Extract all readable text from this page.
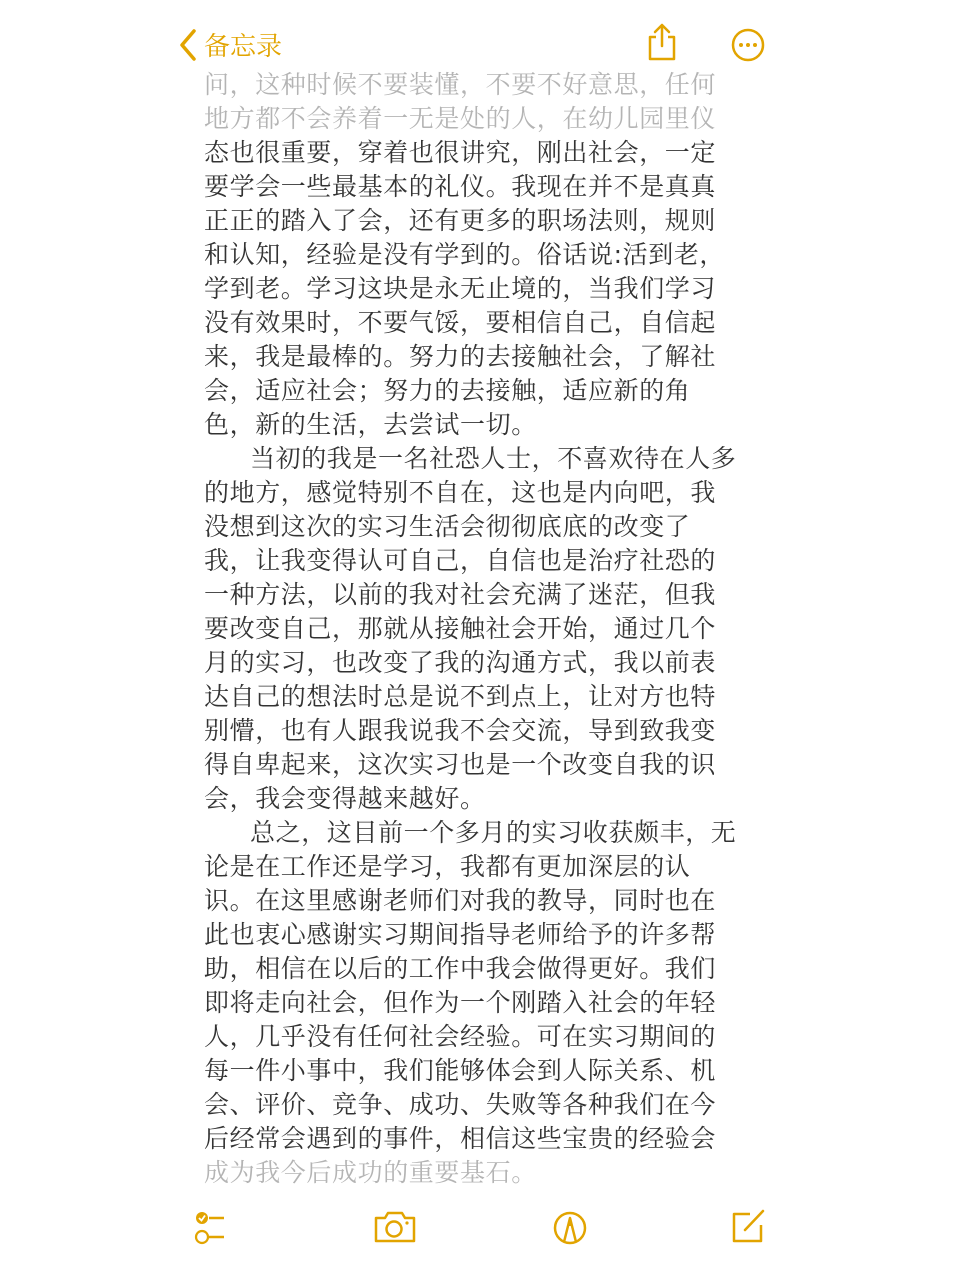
问，这种时候不要装懂，不要不好意思，任何
地方都不会养着一无是处的人，在幼儿园里仪
态也很重要，穿着也很讲究，刚出社会，一定
要学会一些最基本的礼仪。我现在并不是真真
正正的踏入了会，还有更多的职场法则，规则
和认知，经验是没有学到的。俗话说:活到老，
学到老。学习这块是永无止境的，当我们学习
没有效果时，不要气馁，要相信自己，自信起
来，我是最棒的。努力的去接触社会，了解社
会，适应社会；努力的去接触，适应新的角
色，新的生活，去尝试一切。
当初的我是一名社恐人士，不喜欢待在人多
的地方，感觉特别不自在，这也是内向吧，我
没想到这次的实习生活会彻彻底底的改变了
我，让我变得认可自己，自信也是治疗社恐的
一种方法，以前的我对社会充满了迷茫，但我
要改变自己，那就从接触社会开始，通过几个
月的实习，也改变了我的沟通方式，我以前表
达自己的想法时总是说不到点上，让对方也特
别懵，也有人跟我说我不会交流，导到致我变
得自卑起来，这次实习也是一个改变自我的识
会，我会变得越来越好。
总之，这目前一个多月的实习收获颇丰，无
论是在工作还是学习，我都有更加深层的认
识。在这里感谢老师们对我的教导，同时也在
此也衷心感谢实习期间指导老师给予的许多帮
助，相信在以后的工作中我会做得更好。我们
即将走向社会，但作为一个刚踏入社会的年轻
人，几乎没有任何社会经验。可在实习期间的
每一件小事中，我们能够体会到人际关系、机
会、评价、竞争、成功、失败等各种我们在今
后经常会遇到的事件，相信这些宝贵的经验会
成为我今后成功的重要基石。
备忘录
